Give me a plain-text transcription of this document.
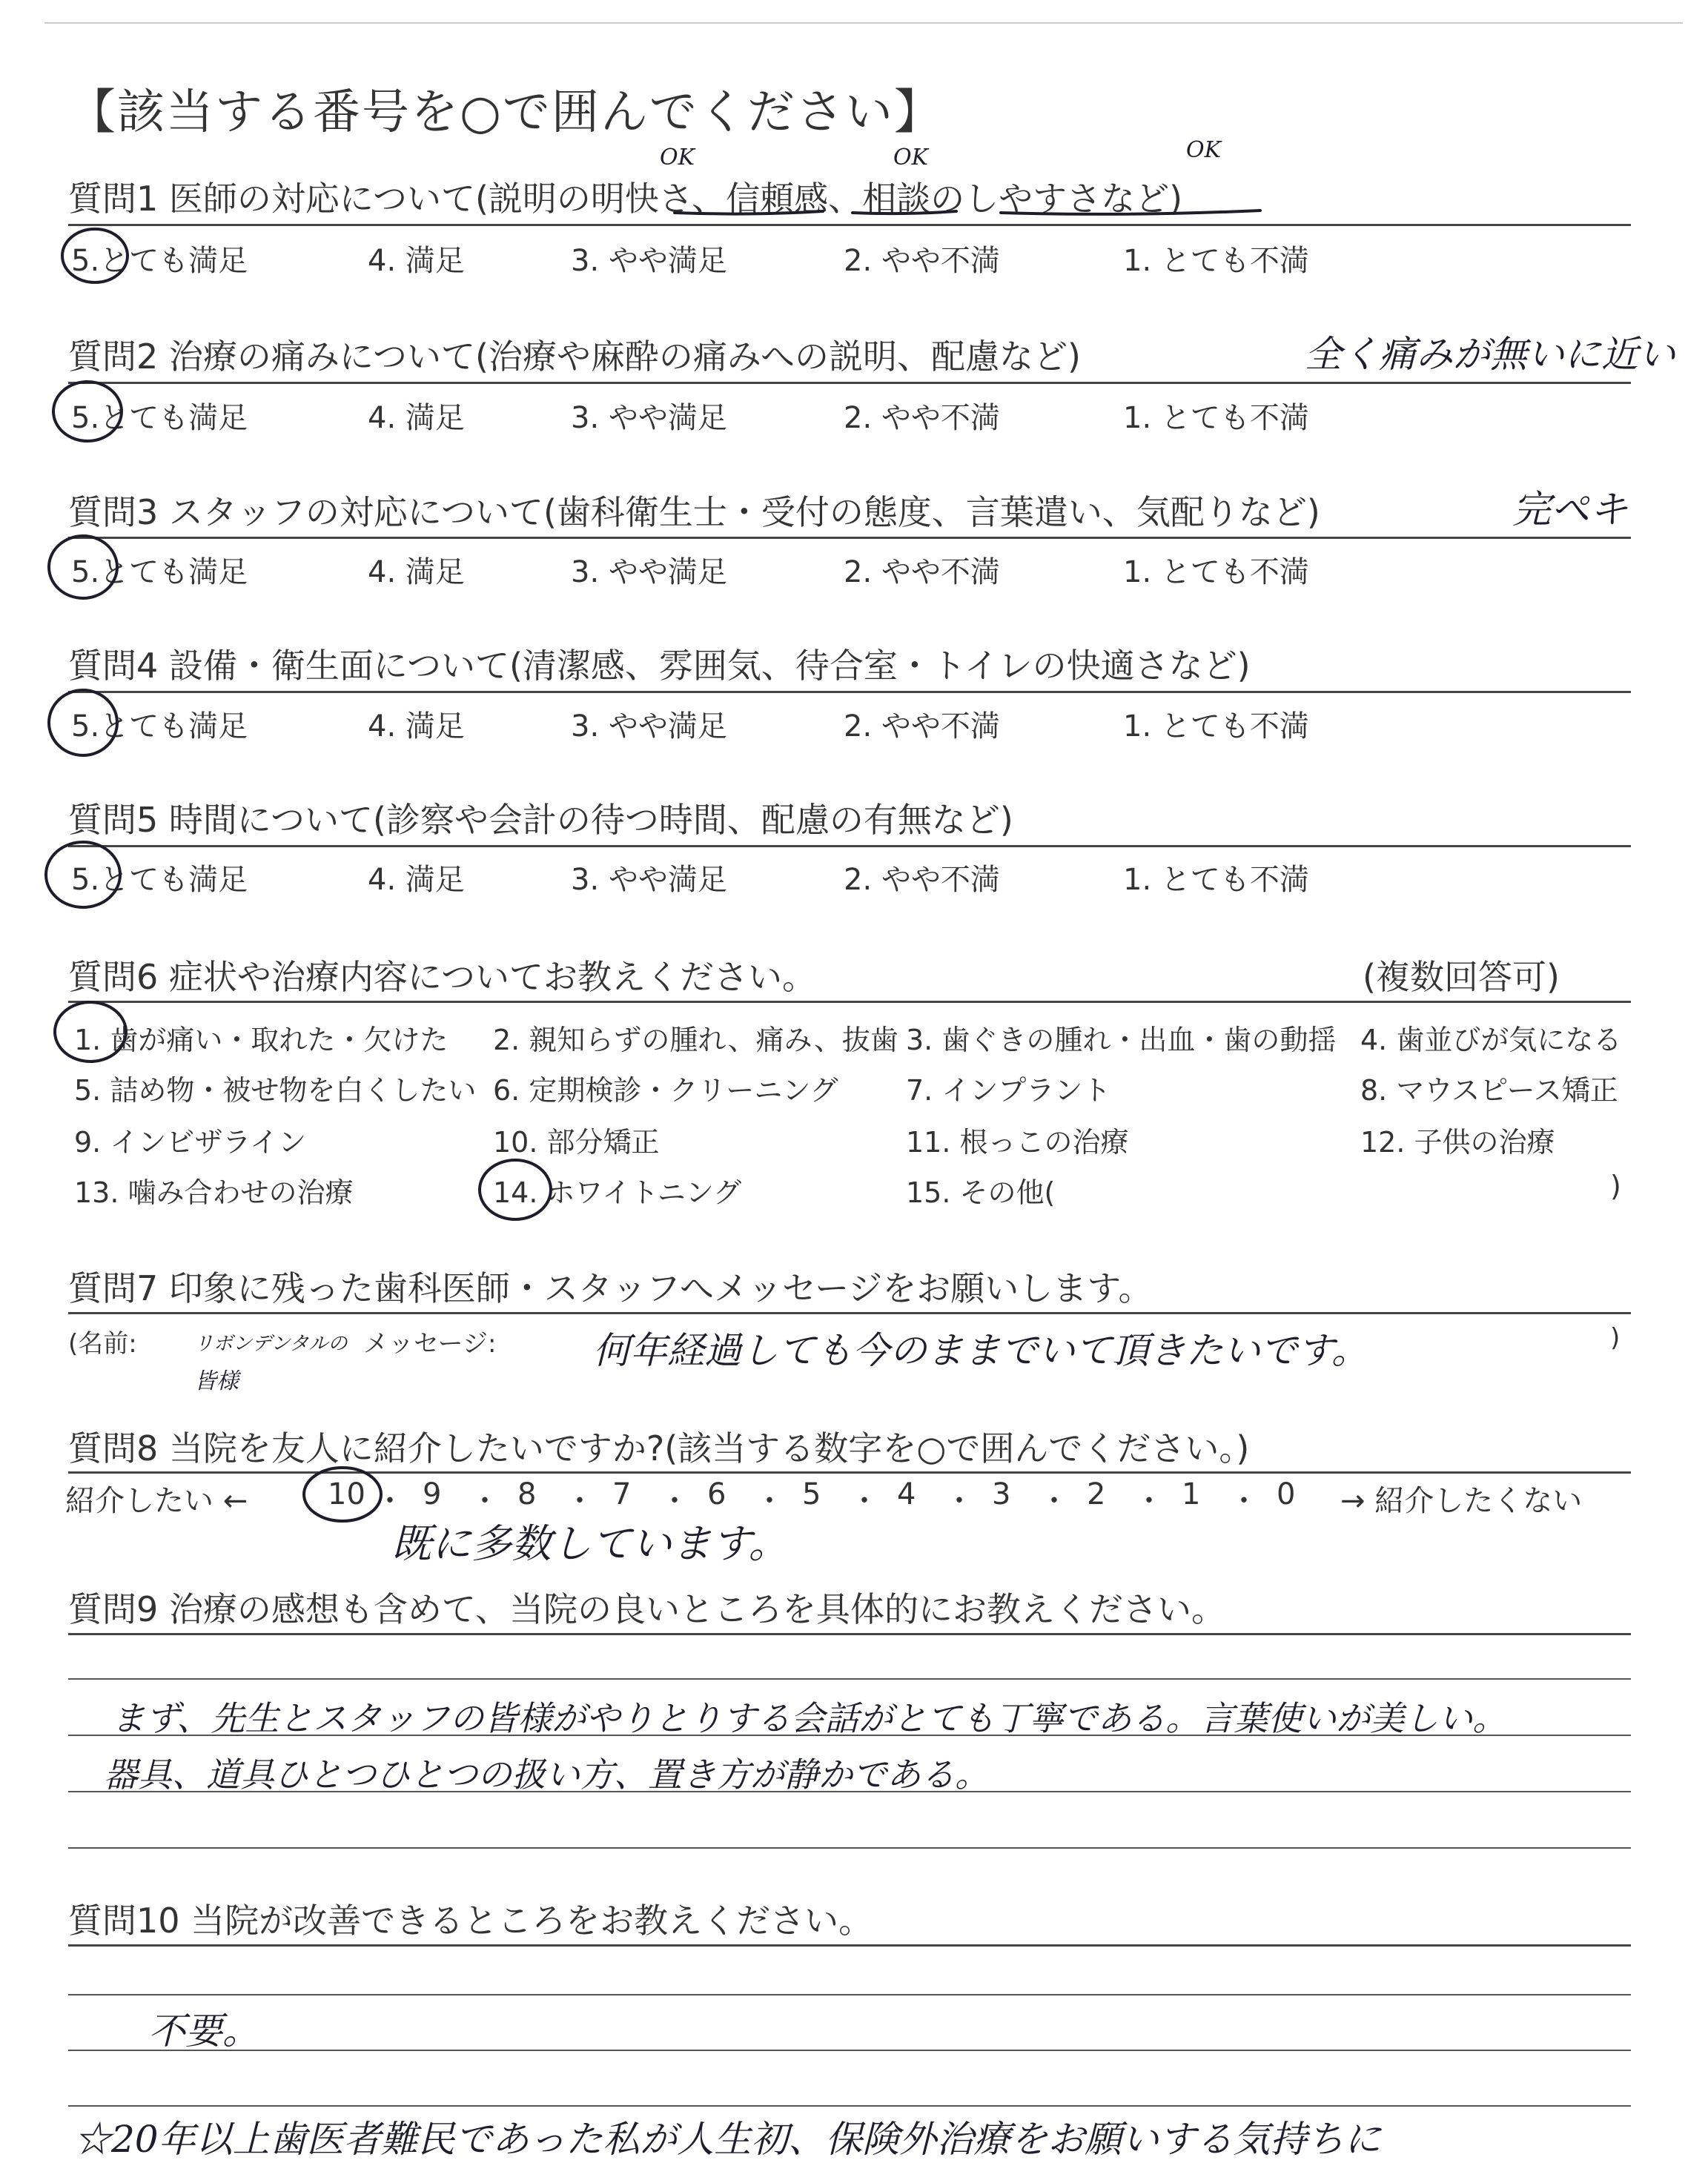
【該当する番号を○で囲んでください】
OK	OK	OK
質問1 医師の対応について(説明の明快さ、信頼感、相談のしやすさなど)
5.とても満足	4. 満足	3. やや満足	2. やや不満	1. とても不満
質問2 治療の痛みについて(治療や麻酔の痛みへの説明、配慮など)	全く痛みが無いに近い
5.とても満足	4. 満足	3. やや満足	2. やや不満	1. とても不満
質問3 スタッフの対応について(歯科衛生士・受付の態度、言葉遣い、気配りなど)	完ペキ
5.とても満足	4. 満足	3. やや満足	2. やや不満	1. とても不満
質問4 設備・衛生面について(清潔感、雰囲気、待合室・トイレの快適さなど)
5.とても満足	4. 満足	3. やや満足	2. やや不満	1. とても不満
質問5 時間について(診察や会計の待つ時間、配慮の有無など)
5.とても満足	4. 満足	3. やや満足	2. やや不満	1. とても不満
質問6 症状や治療内容についてお教えください。	(複数回答可)
1. 歯が痛い・取れた・欠けた 2. 親知らずの腫れ、痛み、抜歯 3. 歯ぐきの腫れ・出血・歯の動揺 4. 歯並びが気になる
5. 詰め物・被せ物を白くしたい 6. 定期検診・クリーニング 7. インプラント	8. マウスピース矯正
9. インビザライン	10. 部分矯正	11. 根っこの治療	12. 子供の治療
13. 噛み合わせの治療	14. ホワイトニング	15. その他(	)
質問7 印象に残った歯科医師・スタッフへメッセージをお願いします。
(名前:	リボンデンタルの
皆様
メッセージ:	何年経過しても今のままでいて頂きたいです。	)
質問8 当院を友人に紹介したいですか?(該当する数字を○で囲んでください。)
紹介したい ←	10 ・ 9 ・ 8 ・ 7 ・ 6 ・ 5 ・ 4 ・ 3 ・ 2 ・ 1 ・ 0 → 紹介したくない
既に多数しています。
質問9 治療の感想も含めて、当院の良いところを具体的にお教えください。
まず、先生とスタッフの皆様がやりとりする会話がとても丁寧である。言葉使いが美しい。
器具、道具ひとつひとつの扱い方、置き方が静かである。
質問10 当院が改善できるところをお教えください。
不要。
☆20年以上歯医者難民であった私が人生初、保険外治療をお願いする気持ちに
